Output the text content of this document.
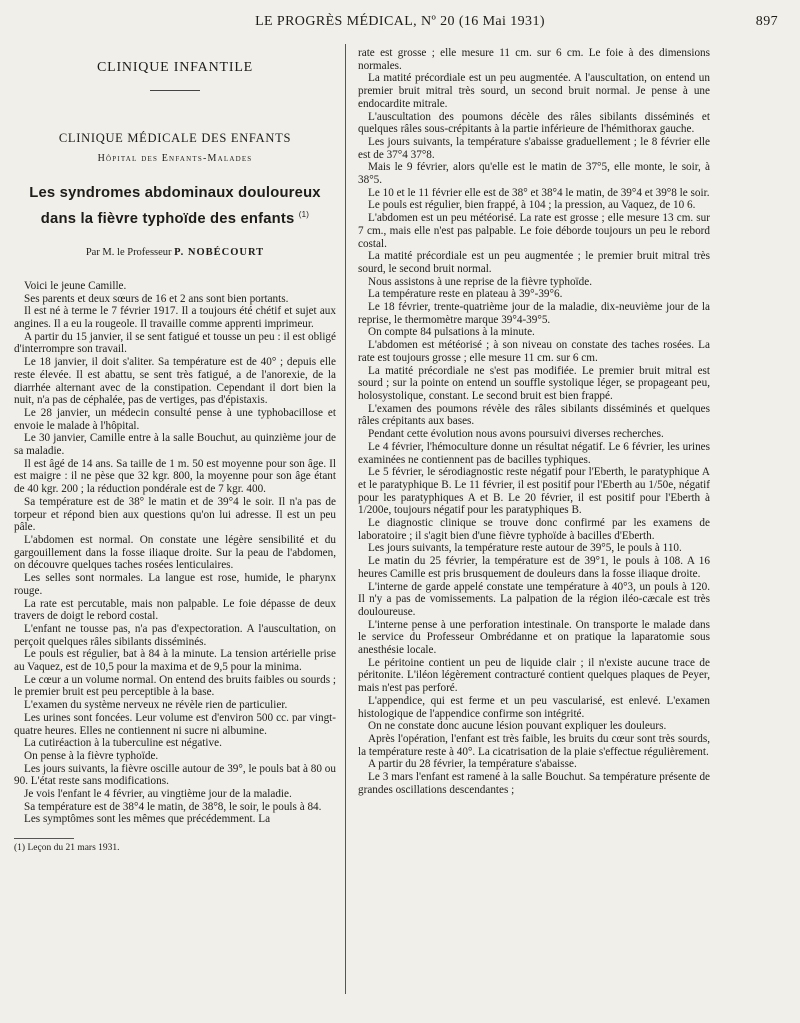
LE PROGRÈS MÉDICAL, Nº 20 (16 Mai 1931)	897
CLINIQUE INFANTILE
CLINIQUE MÉDICALE DES ENFANTS
Hôpital des Enfants-Malades
Les syndromes abdominaux douloureux
dans la fièvre typhoïde des enfants $^{(1)}$
Par M. le Professeur P. NOBÉCOURT

Voici le jeune Camille.

Ses parents et deux sœurs de 16 et 2 ans sont bien portants.

Il est né à terme le 7 février 1917. Il a toujours été chétif et sujet aux angines. Il a eu la rougeole. Il travaille comme apprenti imprimeur.

A partir du 15 janvier, il se sent fatigué et tousse un peu : il est obligé d'interrompre son travail.

Le 18 janvier, il doit s'aliter. Sa température est de 40° ; depuis elle reste élevée. Il est abattu, se sent très fatigué, a de l'anorexie, de la diarrhée alternant avec de la constipation. Cependant il dort bien la nuit, n'a pas de céphalée, pas de vertiges, pas d'épistaxis.

Le 28 janvier, un médecin consulté pense à une typhobacillose et envoie le malade à l'hôpital.

Le 30 janvier, Camille entre à la salle Bouchut, au quinzième jour de sa maladie.

Il est âgé de 14 ans. Sa taille de 1 m. 50 est moyenne pour son âge. Il est maigre : il ne pèse que 32 kgr. 800, la moyenne pour son âge étant de 40 kgr. 200 ; la réduction pondérale est de 7 kgr. 400.

Sa température est de 38° le matin et de 39°4 le soir. Il n'a pas de torpeur et répond bien aux questions qu'on lui adresse. Il est un peu pâle.

L'abdomen est normal. On constate une légère sensibilité et du gargouillement dans la fosse iliaque droite. Sur la peau de l'abdomen, on découvre quelques taches rosées lenticulaires.

Les selles sont normales. La langue est rose, humide, le pharynx rouge.

La rate est percutable, mais non palpable. Le foie dépasse de deux travers de doigt le rebord costal.

L'enfant ne tousse pas, n'a pas d'expectoration. A l'auscultation, on perçoit quelques râles sibilants disséminés.

Le pouls est régulier, bat à 84 à la minute. La tension artérielle prise au Vaquez, est de 10,5 pour la maxima et de 9,5 pour la minima.

Le cœur a un volume normal. On entend des bruits faibles ou sourds ; le premier bruit est peu perceptible à la base.

L'examen du système nerveux ne révèle rien de particulier.

Les urines sont foncées. Leur volume est d'environ 500 cc. par vingt-quatre heures. Elles ne contiennent ni sucre ni albumine.

La cutiréaction à la tuberculine est négative.

On pense à la fièvre typhoïde.

Les jours suivants, la fièvre oscille autour de 39°, le pouls bat à 80 ou 90. L'état reste sans modifications.

Je vois l'enfant le 4 février, au vingtième jour de la maladie.

Sa température est de 38°4 le matin, de 38°8, le soir, le pouls à 84.

Les symptômes sont les mêmes que précédemment. La

(1) Leçon du 21 mars 1931.

rate est grosse ; elle mesure 11 cm. sur 6 cm. Le foie à des dimensions normales.

La matité précordiale est un peu augmentée. A l'auscultation, on entend un premier bruit mitral très sourd, un second bruit normal. Je pense à une endocardite mitrale.

L'auscultation des poumons décèle des râles sibilants disséminés et quelques râles sous-crépitants à la partie inférieure de l'hémithorax gauche.

Les jours suivants, la température s'abaisse graduellement ; le 8 février elle est de 37°4 37°8.

Mais le 9 février, alors qu'elle est le matin de 37°5, elle monte, le soir, à 38°5.

Le 10 et le 11 février elle est de 38° et 38°4 le matin, de 39°4 et 39°8 le soir.

Le pouls est régulier, bien frappé, à 104 ; la pression, au Vaquez, de 10 6.

L'abdomen est un peu météorisé. La rate est grosse ; elle mesure 13 cm. sur 7 cm., mais elle n'est pas palpable. Le foie déborde toujours un peu le rebord costal.

La matité précordiale est un peu augmentée ; le premier bruit mitral très sourd, le second bruit normal.

Nous assistons à une reprise de la fièvre typhoïde.

La température reste en plateau à 39°-39°6.

Le 18 février, trente-quatrième jour de la maladie, dix-neuvième jour de la reprise, le thermomètre marque 39°4-39°5.

On compte 84 pulsations à la minute.

L'abdomen est météorisé ; à son niveau on constate des taches rosées. La rate est toujours grosse ; elle mesure 11 cm. sur 6 cm.

La matité précordiale ne s'est pas modifiée. Le premier bruit mitral est sourd ; sur la pointe on entend un souffle systolique léger, se propageant peu, holosystolique, constant. Le second bruit est bien frappé.

L'examen des poumons révèle des râles sibilants disséminés et quelques râles crépitants aux bases.

Pendant cette évolution nous avons poursuivi diverses recherches.

Le 4 février, l'hémoculture donne un résultat négatif. Le 6 février, les urines examinées ne contiennent pas de bacilles typhiques.

Le 5 février, le sérodiagnostic reste négatif pour l'Eberth, le paratyphique A et le paratyphique B. Le 11 février, il est positif pour l'Eberth au 1/50e, négatif pour les paratyphiques A et B. Le 20 février, il est positif pour l'Eberth à 1/200e, toujours négatif pour les paratyphiques B.

Le diagnostic clinique se trouve donc confirmé par les examens de laboratoire ; il s'agit bien d'une fièvre typhoïde à bacilles d'Eberth.

Les jours suivants, la température reste autour de 39°5, le pouls à 110.

Le matin du 25 février, la température est de 39°1, le pouls à 108. A 16 heures Camille est pris brusquement de douleurs dans la fosse iliaque droite.

L'interne de garde appelé constate une température à 40°3, un pouls à 120. Il n'y a pas de vomissements. La palpation de la région iléo-cæcale est très douloureuse.

L'interne pense à une perforation intestinale. On transporte le malade dans le service du Professeur Ombrédanne et on pratique la laparatomie sous anesthésie locale.

Le péritoine contient un peu de liquide clair ; il n'existe aucune trace de péritonite. L'iléon légèrement contracturé contient quelques plaques de Peyer, mais n'est pas perforé.

L'appendice, qui est ferme et un peu vascularisé, est enlevé. L'examen histologique de l'appendice confirme son intégrité.

On ne constate donc aucune lésion pouvant expliquer les douleurs.

Après l'opération, l'enfant est très faible, les bruits du cœur sont très sourds, la température reste à 40°. La cicatrisation de la plaie s'effectue régulièrement.

A partir du 28 février, la température s'abaisse.

Le 3 mars l'enfant est ramené à la salle Bouchut. Sa température présente de grandes oscillations descendantes ;
